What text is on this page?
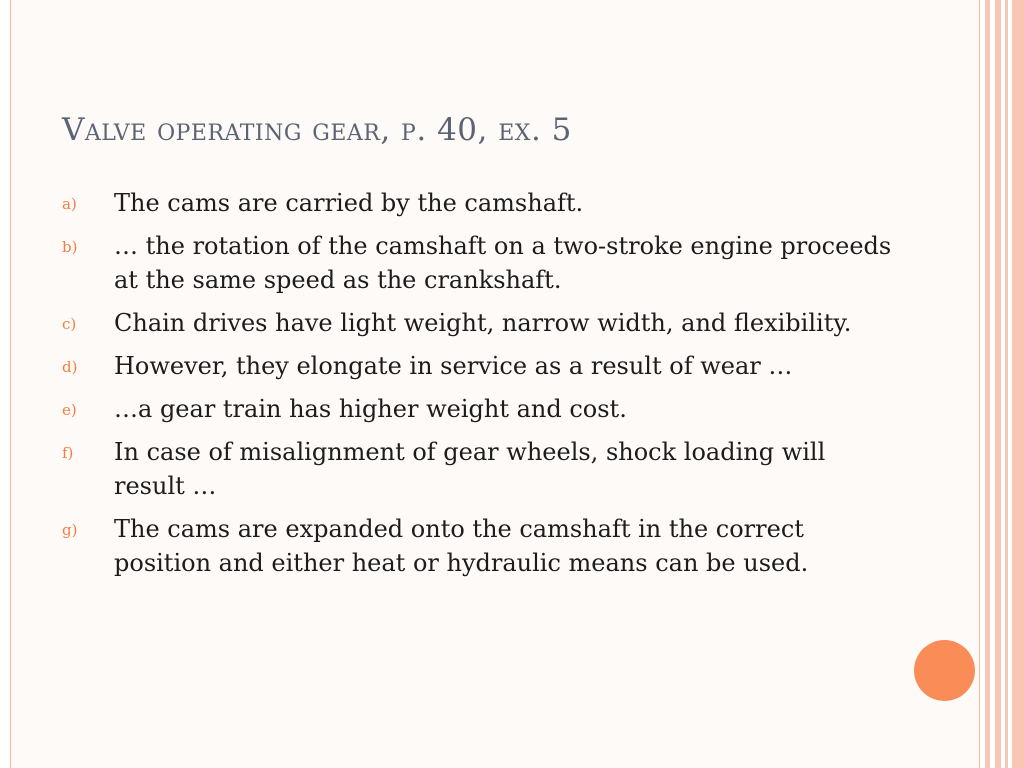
Valve operating gear, p. 40, ex. 5
a)	The cams are carried by the camshaft.
b)	… the rotation of the camshaft on a two-stroke engine proceeds at the same speed as the crankshaft.
c)	Chain drives have light weight, narrow width, and flexibility.
d)	However, they elongate in service as a result of wear …
e)	…a gear train has higher weight and cost.
f)	In case of misalignment of gear wheels, shock loading will result …
g)	The cams are expanded onto the camshaft in the correct position and either heat or hydraulic means can be used.
